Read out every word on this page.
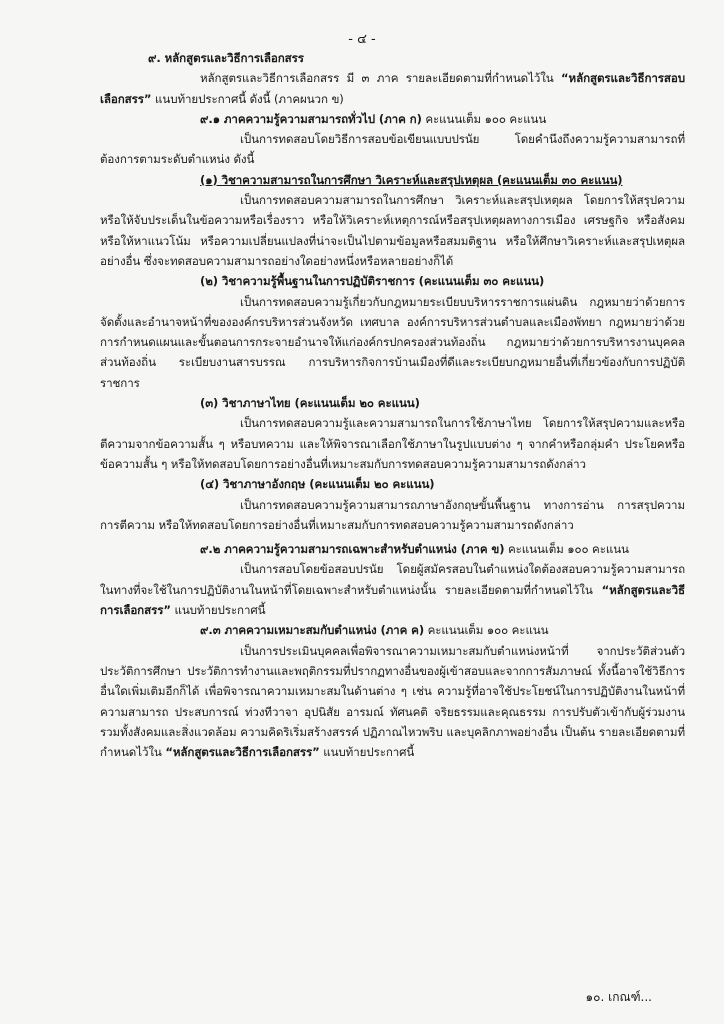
- ๔ -

๙. หลักสูตรและวิธีการเลือกสรร

หลักสูตรและวิธีการเลือกสรร มี ๓ ภาค รายละเอียดตามที่กำหนดไว้ใน “หลักสูตรและวิธีการสอบเลือกสรร” แนบท้ายประกาศนี้ ดังนี้ (ภาคผนวก ข)

๙.๑ ภาคความรู้ความสามารถทั่วไป (ภาค ก) คะแนนเต็ม ๑๐๐ คะแนน

เป็นการทดสอบโดยวิธีการสอบข้อเขียนแบบปรนัย โดยคำนึงถึงความรู้ความสามารถที่ต้องการตามระดับตำแหน่ง ดังนี้

(๑) วิชาความสามารถในการศึกษา วิเคราะห์และสรุปเหตุผล (คะแนนเต็ม ๓๐ คะแนน)

เป็นการทดสอบความสามารถในการศึกษา วิเคราะห์และสรุปเหตุผล โดยการให้สรุปความหรือให้จับประเด็นในข้อความหรือเรื่องราว หรือให้วิเคราะห์เหตุการณ์หรือสรุปเหตุผลทางการเมือง เศรษฐกิจ หรือสังคม หรือให้หาแนวโน้ม หรือความเปลี่ยนแปลงที่น่าจะเป็นไปตามข้อมูลหรือสมมติฐาน หรือให้ศึกษาวิเคราะห์และสรุปเหตุผลอย่างอื่น ซึ่งจะทดสอบความสามารถอย่างใดอย่างหนึ่งหรือหลายอย่างก็ได้

(๒) วิชาความรู้พื้นฐานในการปฏิบัติราชการ (คะแนนเต็ม ๓๐ คะแนน)

เป็นการทดสอบความรู้เกี่ยวกับกฎหมายระเบียบบริหารราชการแผ่นดิน กฎหมายว่าด้วยการจัดตั้งและอำนาจหน้าที่ขององค์กรบริหารส่วนจังหวัด เทศบาล องค์การบริหารส่วนตำบลและเมืองพัทยา กฎหมายว่าด้วยการกำหนดแผนและขั้นตอนการกระจายอำนาจให้แก่องค์กรปกครองส่วนท้องถิ่น กฎหมายว่าด้วยการบริหารงานบุคคลส่วนท้องถิ่น ระเบียบงานสารบรรณ การบริหารกิจการบ้านเมืองที่ดีและระเบียบกฎหมายอื่นที่เกี่ยวข้องกับการปฏิบัติราชการ

(๓) วิชาภาษาไทย (คะแนนเต็ม ๒๐ คะแนน)

เป็นการทดสอบความรู้และความสามารถในการใช้ภาษาไทย โดยการให้สรุปความและหรือตีความจากข้อความสั้น ๆ หรือบทความ และให้พิจารณาเลือกใช้ภาษาในรูปแบบต่าง ๆ จากคำหรือกลุ่มคำ ประโยคหรือข้อความสั้น ๆ หรือให้ทดสอบโดยการอย่างอื่นที่เหมาะสมกับการทดสอบความรู้ความสามารถดังกล่าว

(๔) วิชาภาษาอังกฤษ (คะแนนเต็ม ๒๐ คะแนน)

เป็นการทดสอบความรู้ความสามารถภาษาอังกฤษขั้นพื้นฐาน ทางการอ่าน การสรุปความ การตีความ หรือให้ทดสอบโดยการอย่างอื่นที่เหมาะสมกับการทดสอบความรู้ความสามารถดังกล่าว

๙.๒ ภาคความรู้ความสามารถเฉพาะสำหรับตำแหน่ง (ภาค ข) คะแนนเต็ม ๑๐๐ คะแนน

เป็นการสอบโดยข้อสอบปรนัย โดยผู้สมัครสอบในตำแหน่งใดต้องสอบความรู้ความสามารถในทางที่จะใช้ในการปฏิบัติงานในหน้าที่โดยเฉพาะสำหรับตำแหน่งนั้น รายละเอียดตามที่กำหนดไว้ใน “หลักสูตรและวิธีการเลือกสรร” แนบท้ายประกาศนี้

๙.๓ ภาคความเหมาะสมกับตำแหน่ง (ภาค ค) คะแนนเต็ม ๑๐๐ คะแนน

เป็นการประเมินบุคคลเพื่อพิจารณาความเหมาะสมกับตำแหน่งหน้าที่ จากประวัติส่วนตัว ประวัติการศึกษา ประวัติการทำงานและพฤติกรรมที่ปรากฏทางอื่นของผู้เข้าสอบและจากการสัมภาษณ์ ทั้งนี้อาจใช้วิธีการอื่นใดเพิ่มเติมอีกก็ได้ เพื่อพิจารณาความเหมาะสมในด้านต่าง ๆ เช่น ความรู้ที่อาจใช้ประโยชน์ในการปฏิบัติงานในหน้าที่ ความสามารถ ประสบการณ์ ท่วงทีวาจา อุปนิสัย อารมณ์ ทัศนคติ จริยธรรมและคุณธรรม การปรับตัวเข้ากับผู้ร่วมงาน รวมทั้งสังคมและสิ่งแวดล้อม ความคิดริเริ่มสร้างสรรค์ ปฏิภาณไหวพริบ และบุคลิกภาพอย่างอื่น เป็นต้น รายละเอียดตามที่กำหนดไว้ใน “หลักสูตรและวิธีการเลือกสรร” แนบท้ายประกาศนี้

๑๐. เกณฑ์...
